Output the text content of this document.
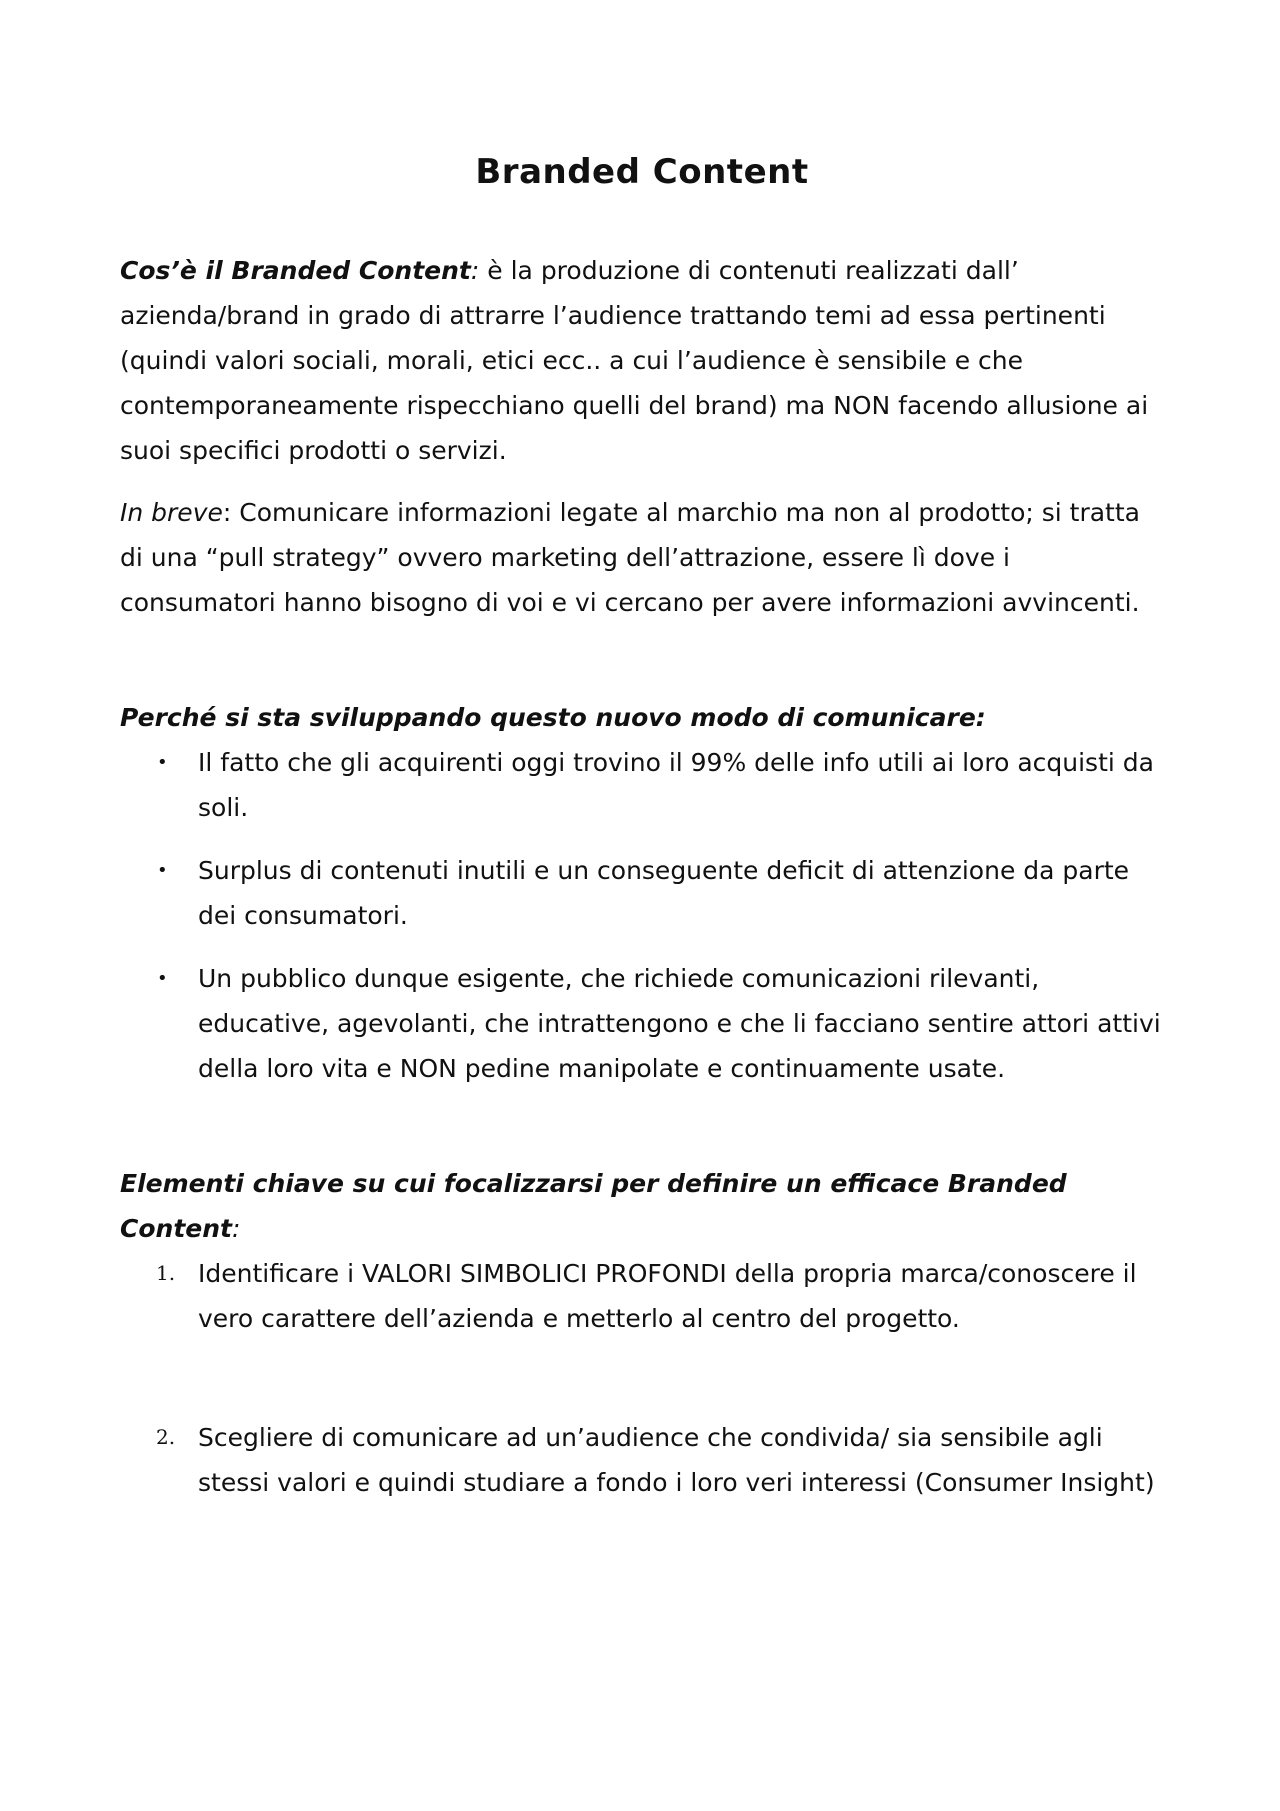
Branded Content

Cos’è il Branded Content: è la produzione di contenuti realizzati dall’ azienda/brand in grado di attrarre l’audience trattando temi ad essa pertinenti (quindi valori sociali, morali, etici ecc.. a cui l’audience è sensibile e che contemporaneamente rispecchiano quelli del brand) ma NON facendo allusione ai suoi specifici prodotti o servizi.

In breve: Comunicare informazioni legate al marchio ma non al prodotto; si tratta di una “pull strategy” ovvero marketing dell’attrazione, essere lì dove i consumatori hanno bisogno di voi e vi cercano per avere informazioni avvincenti.

Perché si sta sviluppando questo nuovo modo di comunicare:
• Il fatto che gli acquirenti oggi trovino il 99% delle info utili ai loro acquisti da soli.
• Surplus di contenuti inutili e un conseguente deficit di attenzione da parte dei consumatori.
• Un pubblico dunque esigente, che richiede comunicazioni rilevanti, educative, agevolanti, che intrattengono e che li facciano sentire attori attivi della loro vita e NON pedine manipolate e continuamente usate.
Elementi chiave su cui focalizzarsi per definire un efficace Branded Content:
1. Identificare i VALORI SIMBOLICI PROFONDI della propria marca/conoscere il vero carattere dell’azienda e metterlo al centro del progetto.
2. Scegliere di comunicare ad un’audience che condivida/ sia sensibile agli stessi valori e quindi studiare a fondo i loro veri interessi (Consumer Insight)
